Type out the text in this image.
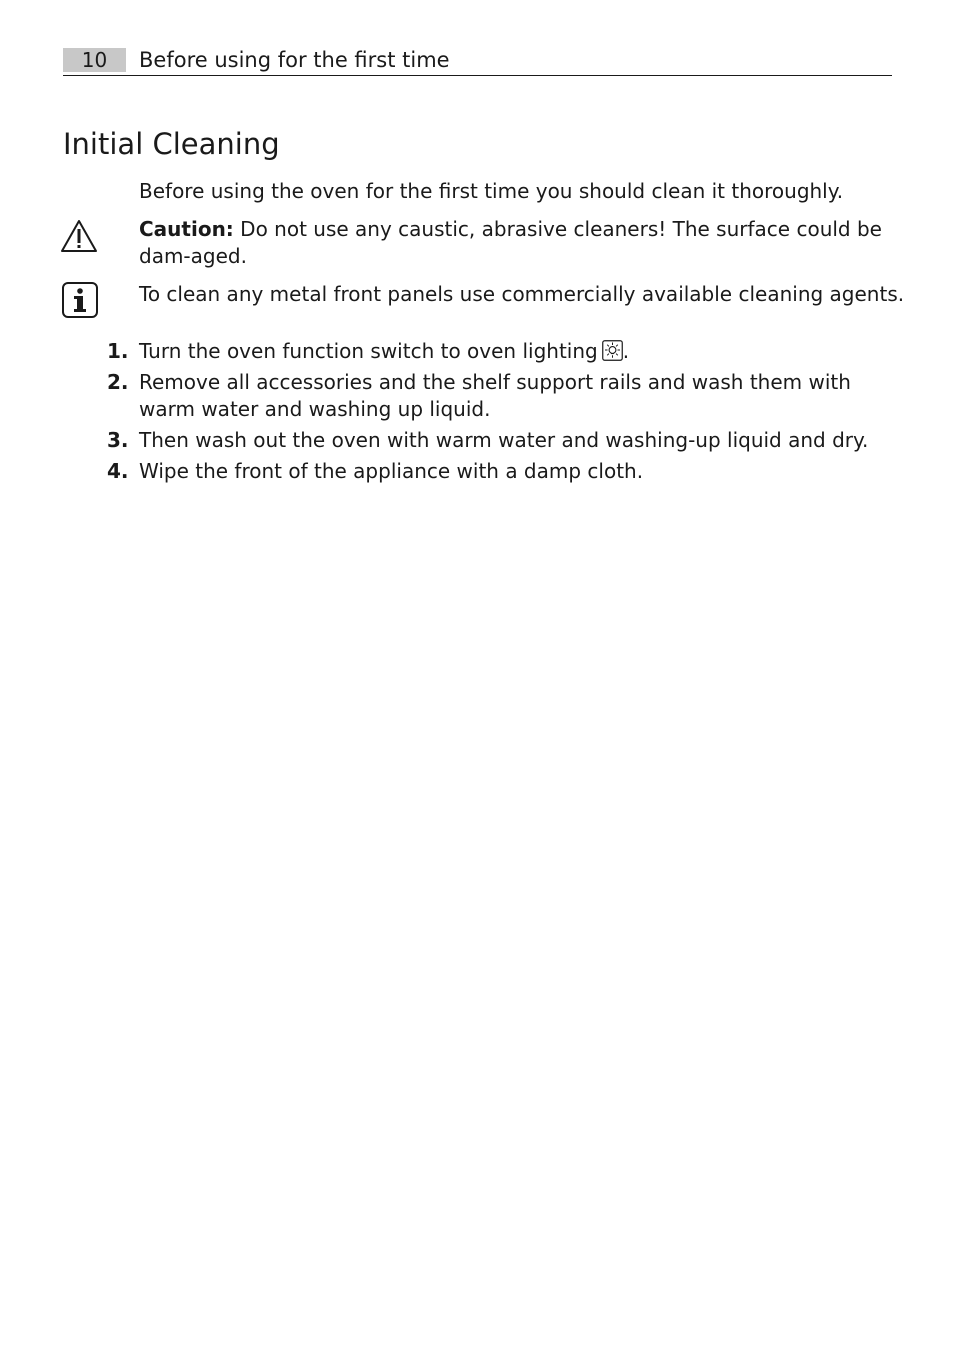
10	Before using for the first time
Initial Cleaning

Before using the oven for the first time you should clean it thoroughly.

Caution: Do not use any caustic, abrasive cleaners! The surface could be dam-aged.

To clean any metal front panels use commercially available cleaning agents.

1. Turn the oven function switch to oven lighting .
2. Remove all accessories and the shelf support rails and wash them with warm water and washing up liquid.
3. Then wash out the oven with warm water and washing-up liquid and dry.
4. Wipe the front of the appliance with a damp cloth.
